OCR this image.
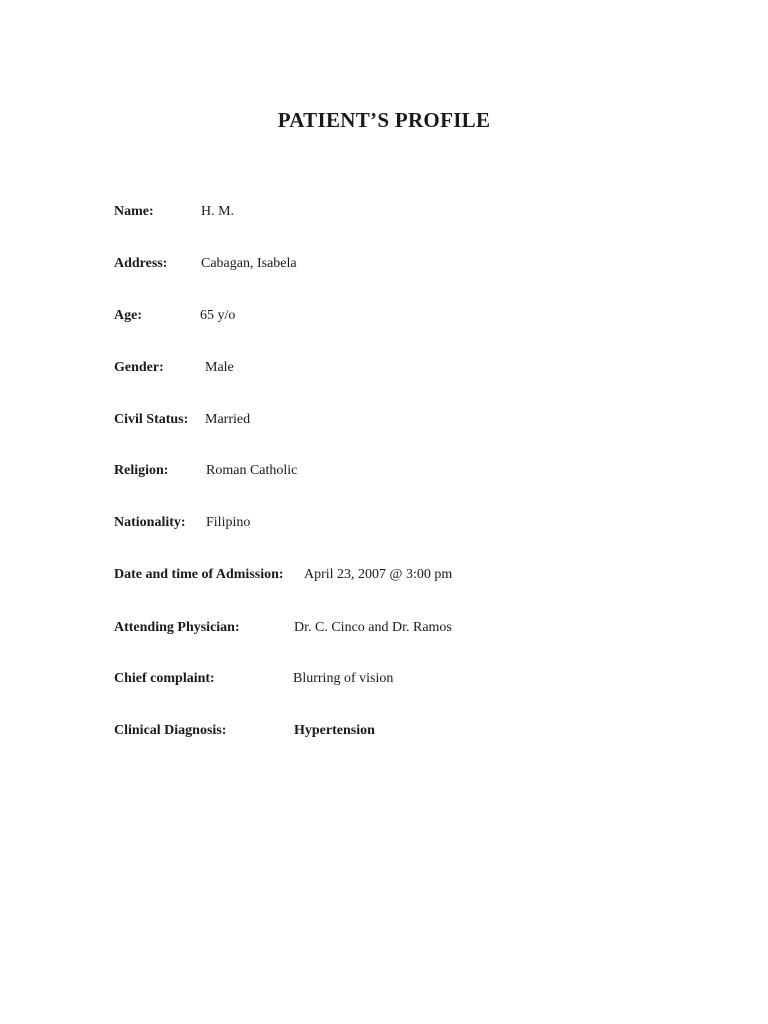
PATIENT’S PROFILE
Name:	H. M.
Address: Cabagan, Isabela
Age:	65 y/o
Gender:	Male
Civil Status: Married
Religion:	Roman Catholic
Nationality: Filipino
Date and time of Admission: April 23, 2007 @ 3:00 pm
Attending Physician:	Dr. C. Cinco and Dr. Ramos
Chief complaint:	Blurring of vision
Clinical Diagnosis:	Hypertension
